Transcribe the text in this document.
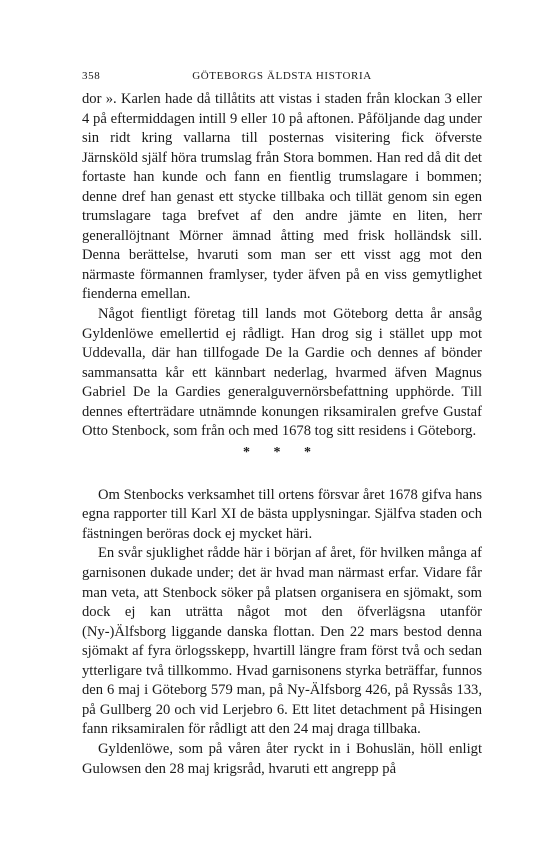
358	GÖTEBORGS ÄLDSTA HISTORIA

dor ». Karlen hade då tillåtits att vistas i staden från klockan 3 eller 4 på eftermiddagen intill 9 eller 10 på aftonen. Påföljande dag under sin ridt kring vallarna till posternas visitering fick öfverste Järnsköld själf höra trumslag från Stora bommen. Han red då dit det fortaste han kunde och fann en fientlig trumslagare i bommen; denne dref han genast ett stycke tillbaka och tillät genom sin egen trumslagare taga brefvet af den andre jämte en liten, herr generallöjtnant Mörner ämnad åtting med frisk holländsk sill. Denna berättelse, hvaruti som man ser ett visst agg mot den närmaste förmannen framlyser, tyder äfven på en viss gemytlighet fienderna emellan.

Något fientligt företag till lands mot Göteborg detta år ansåg Gyldenlöwe emellertid ej rådligt. Han drog sig i stället upp mot Uddevalla, där han tillfogade De la Gardie och dennes af bönder sammansatta kår ett kännbart nederlag, hvarmed äfven Magnus Gabriel De la Gardies generalguvernörsbefattning upphörde. Till dennes efterträdare utnämnde konungen riksamiralen grefve Gustaf Otto Stenbock, som från och med 1678 tog sitt residens i Göteborg.

* * *

Om Stenbocks verksamhet till ortens försvar året 1678 gifva hans egna rapporter till Karl XI de bästa upplysningar. Själfva staden och fästningen beröras dock ej mycket häri.

En svår sjuklighet rådde här i början af året, för hvilken många af garnisonen dukade under; det är hvad man närmast erfar. Vidare får man veta, att Stenbock söker på platsen organisera en sjömakt, som dock ej kan uträtta något mot den öfverlägsna utanför (Ny-)Älfsborg liggande danska flottan. Den 22 mars bestod denna sjömakt af fyra örlogsskepp, hvartill längre fram först två och sedan ytterligare två tillkommo. Hvad garnisonens styrka beträffar, funnos den 6 maj i Göteborg 579 man, på Ny-Älfsborg 426, på Ryssås 133, på Gullberg 20 och vid Lerjebro 6. Ett litet detachment på Hisingen fann riksamiralen för rådligt att den 24 maj draga tillbaka.

Gyldenlöwe, som på våren åter ryckt in i Bohuslän, höll enligt Gulowsen den 28 maj krigsråd, hvaruti ett angrepp på
